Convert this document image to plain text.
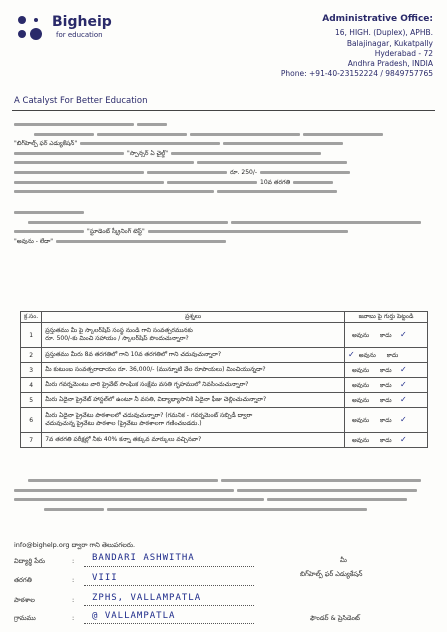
Bigheip
for education
A Catalyst For Better Education
Administrative Office:
16, HIGH. (Duplex), APHB.
Balajinagar, Kukatpally
Hyderabad - 72
Andhra Pradesh, INDIA
Phone: +91-40-23152224 / 9849757765
"బిగ్‌హెల్ప్ ఫర్ ఎడ్యుకేషన్"
"స్పాన్సర్ ఏ చైల్డ్"
రూ. 250/-
10వ తరగతి
"స్టూడెంట్ స్క్రీనింగ్ టెస్ట్"
"అవును - లేదా"
క్ర.సం.	ప్రశ్నలు	జవాబు పై గుర్తు పెట్టండి
1	ప్రస్తుతము మీ పై స్కాలర్‌షిప్‌ సంస్థ నుండి గాని సంవత్సరమునకు
రూ. 500/-కు మించి సహాయం / స్కాలర్‌షిప్ పొందుచున్నారా?	అవును కాదు ✓
2	ప్రస్తుతము మీరు 8వ తరగతిలో గాని 10వ తరగతిలో గాని చదువుచున్నారా?	✓ అవును కాదు
3	మీ కుటుంబ సంవత్సరాదాయం రూ. 36,000/- (మున్నూటి వేల రూపాయలు) మించియున్నదా?	అవును కాదు ✓
4	మీరు గవర్నమెంటు వారి ప్రైవేట్ సాంఘిక సంక్షేమ వసతి గృహములో నివసించుచున్నారా?	అవును కాదు ✓
5	మీరు ఏదైనా ప్రైవేట్ హాస్టల్‌లో ఉంటూ నీ వసతి, విద్యాభ్యాసానికి ఏదైనా ఫీజు చెల్లించుచున్నారా?	అవును కాదు ✓
6	మీరు ఏదైనా ప్రైవేటు పాఠశాలలో చదువుచున్నారా? (గమనిక - గవర్నమెంట్ సబ్సిడీ ద్వారా
చదువుచున్న ప్రైవేటు పాఠశాల (ప్రైవేటు పాఠశాలగా గణించబడదు.)	అవును కాదు ✓
7	7వ తరగతి పరీక్షల్లో నీకు 40% కన్నా తక్కువ మార్కులు వచ్చినవా?	అవును కాదు ✓
info@bighelp.org ద్వారా గాని తెలుపగలరు.
విద్యార్థి పేరు	: BANDARI ASHWITHA
తరగతి	: VIII
పాఠశాల	: ZPHS, VALLAMPATLA
గ్రామము	: @ VALLAMPATLA
మీ
బిగ్‌హెల్ప్ ఫర్ ఎడ్యుకేషన్
ఫౌండర్ & ప్రెసిడెంట్
